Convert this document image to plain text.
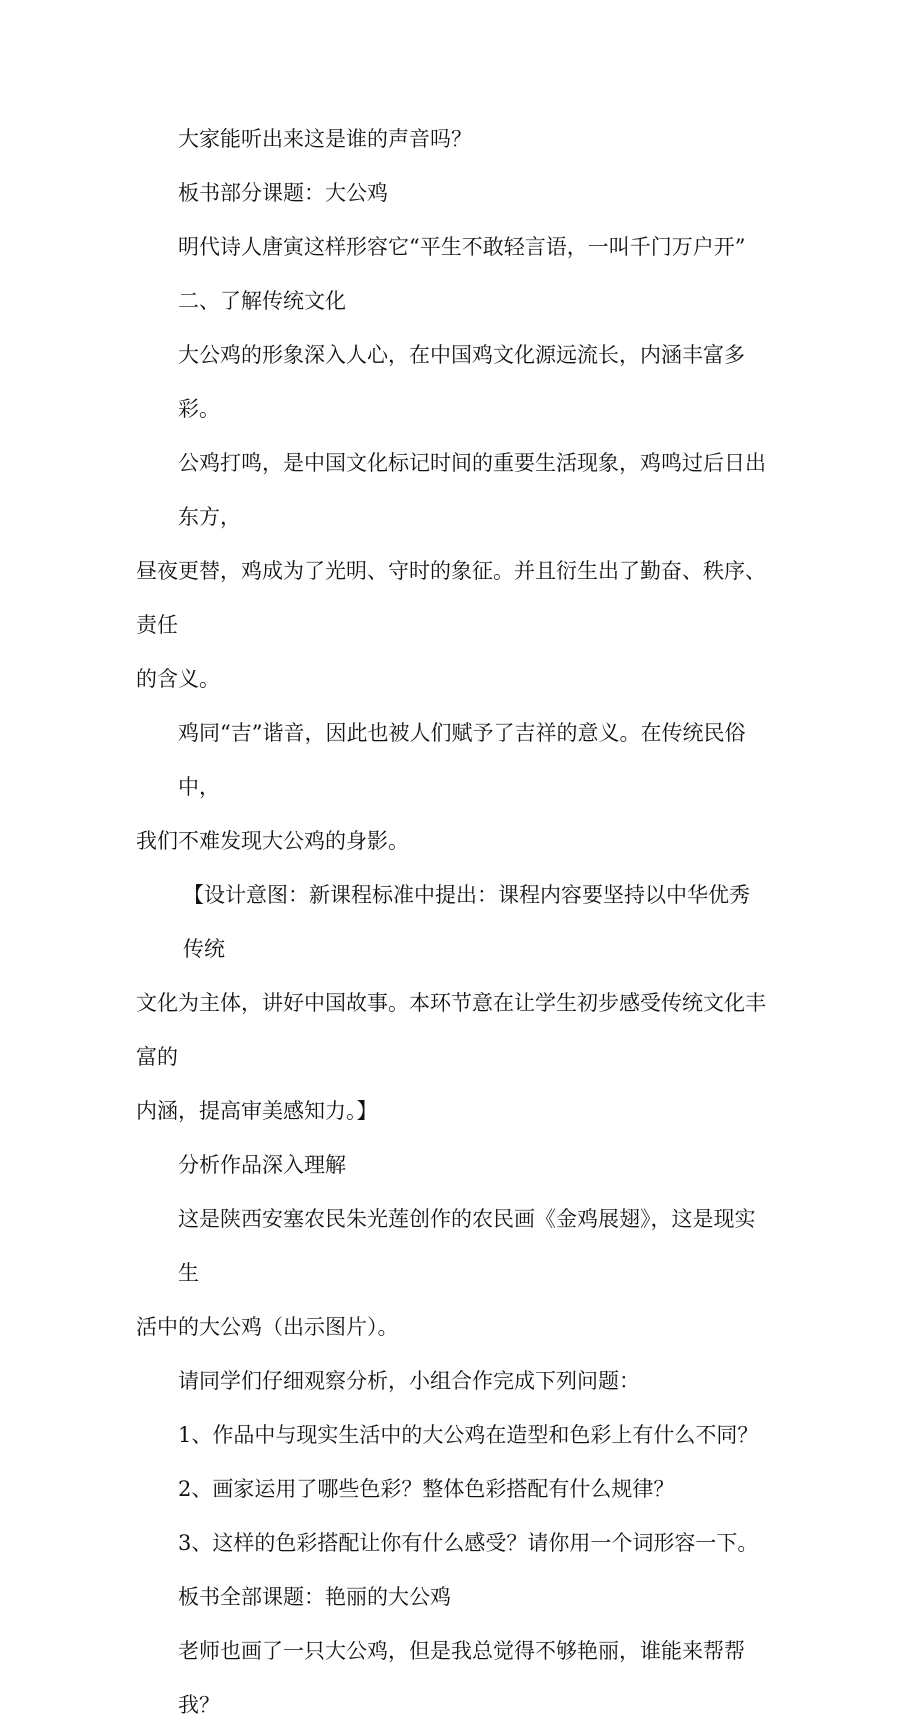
大家能听出来这是谁的声音吗？

板书部分课题：大公鸡

明代诗人唐寅这样形容它“平生不敢轻言语，一叫千门万户开”

二、了解传统文化

大公鸡的形象深入人心，在中国鸡文化源远流长，内涵丰富多彩。

公鸡打鸣，是中国文化标记时间的重要生活现象，鸡鸣过后日出东方，
昼夜更替，鸡成为了光明、守时的象征。并且衍生出了勤奋、秩序、责任
的含义。

鸡同“吉”谐音，因此也被人们赋予了吉祥的意义。在传统民俗中，
我们不难发现大公鸡的身影。

【设计意图：新课程标准中提出：课程内容要坚持以中华优秀传统
文化为主体，讲好中国故事。本环节意在让学生初步感受传统文化丰富的
内涵，提高审美感知力。】

分析作品深入理解

这是陕西安塞农民朱光莲创作的农民画《金鸡展翅》，这是现实生
活中的大公鸡（出示图片）。

请同学们仔细观察分析，小组合作完成下列问题：

1、作品中与现实生活中的大公鸡在造型和色彩上有什么不同？

2、画家运用了哪些色彩？整体色彩搭配有什么规律？

3、这样的色彩搭配让你有什么感受？请你用一个词形容一下。

板书全部课题：艳丽的大公鸡

老师也画了一只大公鸡，但是我总觉得不够艳丽，谁能来帮帮我？
